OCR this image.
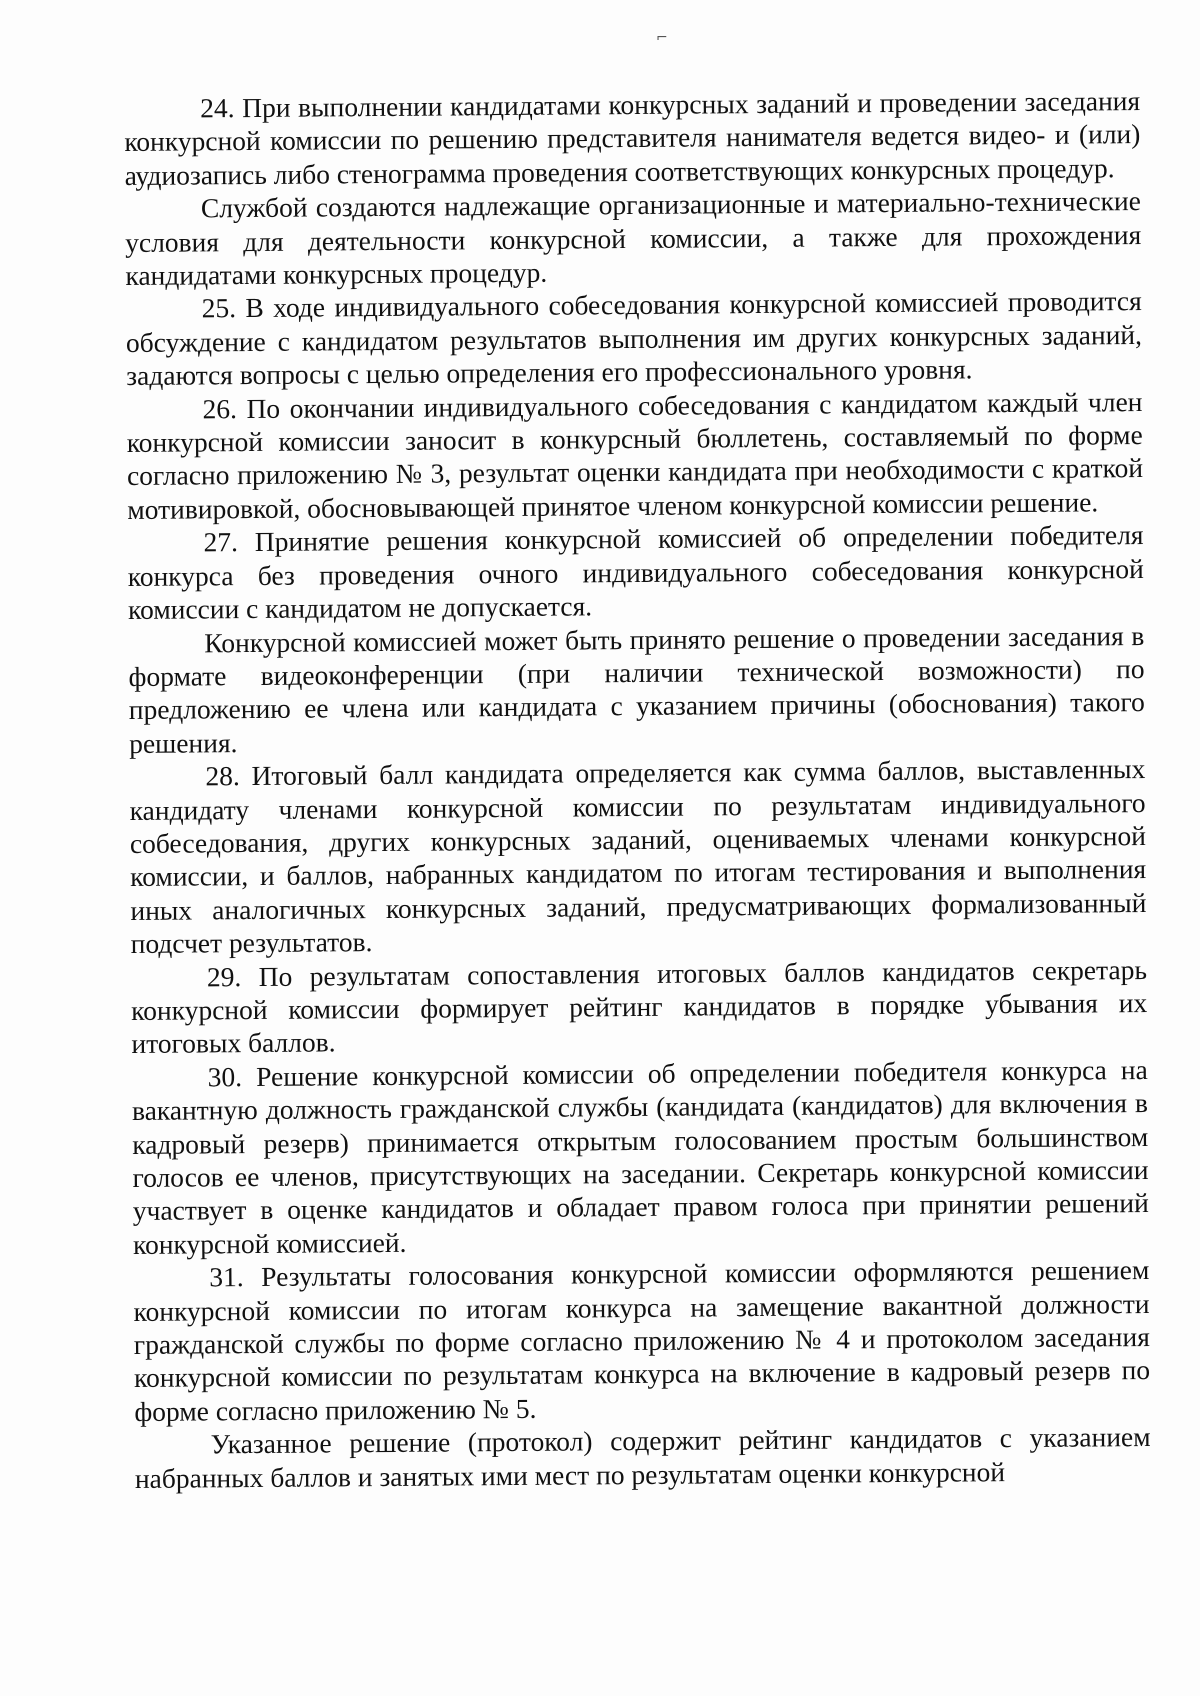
⌐

24. При выполнении кандидатами конкурсных заданий и проведении заседания конкурсной комиссии по решению представителя нанимателя ведется видео- и (или) аудиозапись либо стенограмма проведения соответствующих конкурсных процедур.

Службой создаются надлежащие организационные и материально-технические условия для деятельности конкурсной комиссии, а также для прохождения кандидатами конкурсных процедур.

25. В ходе индивидуального собеседования конкурсной комиссией проводится обсуждение с кандидатом результатов выполнения им других конкурсных заданий, задаются вопросы с целью определения его профессионального уровня.

26. По окончании индивидуального собеседования с кандидатом каждый член конкурсной комиссии заносит в конкурсный бюллетень, составляемый по форме согласно приложению № 3, результат оценки кандидата при необходимости с краткой мотивировкой, обосновывающей принятое членом конкурсной комиссии решение.

27. Принятие решения конкурсной комиссией об определении победителя конкурса без проведения очного индивидуального собеседования конкурсной комиссии с кандидатом не допускается.

Конкурсной комиссией может быть принято решение о проведении заседания в формате видеоконференции (при наличии технической возможности) по предложению ее члена или кандидата с указанием причины (обоснования) такого решения.

28. Итоговый балл кандидата определяется как сумма баллов, выставленных кандидату членами конкурсной комиссии по результатам индивидуального собеседования, других конкурсных заданий, оцениваемых членами конкурсной комиссии, и баллов, набранных кандидатом по итогам тестирования и выполнения иных аналогичных конкурсных заданий, предусматривающих формализованный подсчет результатов.

29. По результатам сопоставления итоговых баллов кандидатов секретарь конкурсной комиссии формирует рейтинг кандидатов в порядке убывания их итоговых баллов.

30. Решение конкурсной комиссии об определении победителя конкурса на вакантную должность гражданской службы (кандидата (кандидатов) для включения в кадровый резерв) принимается открытым голосованием простым большинством голосов ее членов, присутствующих на заседании. Секретарь конкурсной комиссии участвует в оценке кандидатов и обладает правом голоса при принятии решений конкурсной комиссией.

31. Результаты голосования конкурсной комиссии оформляются решением конкурсной комиссии по итогам конкурса на замещение вакантной должности гражданской службы по форме согласно приложению № 4 и протоколом заседания конкурсной комиссии по результатам конкурса на включение в кадровый резерв по форме согласно приложению № 5.

Указанное решение (протокол) содержит рейтинг кандидатов с указанием набранных баллов и занятых ими мест по результатам оценки конкурсной
